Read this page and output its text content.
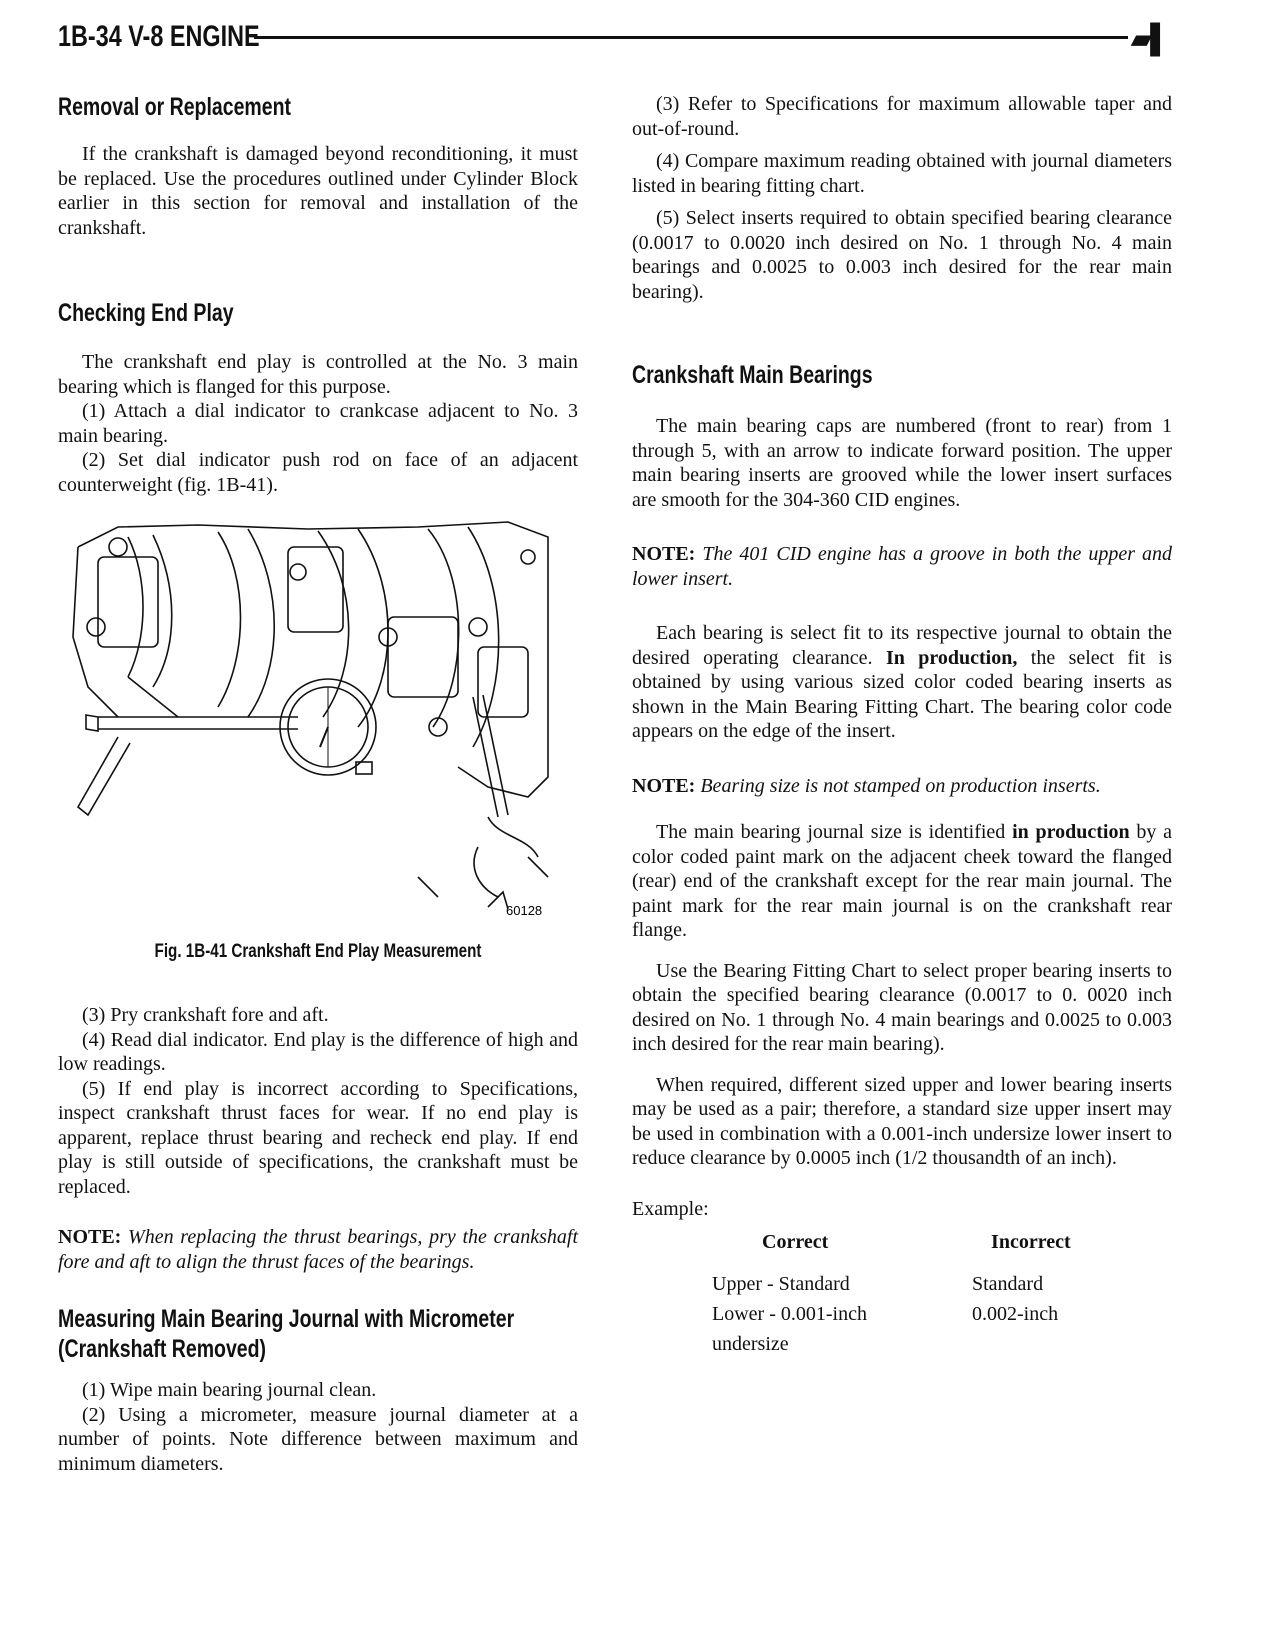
1B-34 V-8 ENGINE	▰▌
Removal or Replacement

If the crankshaft is damaged beyond reconditioning, it must be replaced. Use the procedures outlined under Cylinder Block earlier in this section for removal and installation of the crankshaft.

Checking End Play

The crankshaft end play is controlled at the No. 3 main bearing which is flanged for this purpose.

(1) Attach a dial indicator to crankcase adjacent to No. 3 main bearing.

(2) Set dial indicator push rod on face of an adjacent counterweight (fig. 1B-41).

60128
Fig. 1B-41 Crankshaft End Play Measurement

(3) Pry crankshaft fore and aft.

(4) Read dial indicator. End play is the difference of high and low readings.

(5) If end play is incorrect according to Specifications, inspect crankshaft thrust faces for wear. If no end play is apparent, replace thrust bearing and recheck end play. If end play is still outside of specifications, the crankshaft must be replaced.

NOTE: When replacing the thrust bearings, pry the crankshaft fore and aft to align the thrust faces of the bearings.

Measuring Main Bearing Journal with Micrometer (Crankshaft Removed)

(1) Wipe main bearing journal clean.

(2) Using a micrometer, measure journal diameter at a number of points. Note difference between maximum and minimum diameters.

(3) Refer to Specifications for maximum allowable taper and out-of-round.

(4) Compare maximum reading obtained with journal diameters listed in bearing fitting chart.

(5) Select inserts required to obtain specified bearing clearance (0.0017 to 0.0020 inch desired on No. 1 through No. 4 main bearings and 0.0025 to 0.003 inch desired for the rear main bearing).

Crankshaft Main Bearings

The main bearing caps are numbered (front to rear) from 1 through 5, with an arrow to indicate forward position. The upper main bearing inserts are grooved while the lower insert surfaces are smooth for the 304-360 CID engines.

NOTE: The 401 CID engine has a groove in both the upper and lower insert.

Each bearing is select fit to its respective journal to obtain the desired operating clearance. In production, the select fit is obtained by using various sized color coded bearing inserts as shown in the Main Bearing Fitting Chart. The bearing color code appears on the edge of the insert.

NOTE: Bearing size is not stamped on production inserts.

The main bearing journal size is identified in production by a color coded paint mark on the adjacent cheek toward the flanged (rear) end of the crankshaft except for the rear main journal. The paint mark for the rear main journal is on the crankshaft rear flange.

Use the Bearing Fitting Chart to select proper bearing inserts to obtain the specified bearing clearance (0.0017 to 0. 0020 inch desired on No. 1 through No. 4 main bearings and 0.0025 to 0.003 inch desired for the rear main bearing).

When required, different sized upper and lower bearing inserts may be used as a pair; therefore, a standard size upper insert may be used in combination with a 0.001-inch undersize lower insert to reduce clearance by 0.0005 inch (1/2 thousandth of an inch).

Example:

Correct	Incorrect
Upper - Standard	Standard
Lower - 0.001-inch	0.002-inch
undersize
